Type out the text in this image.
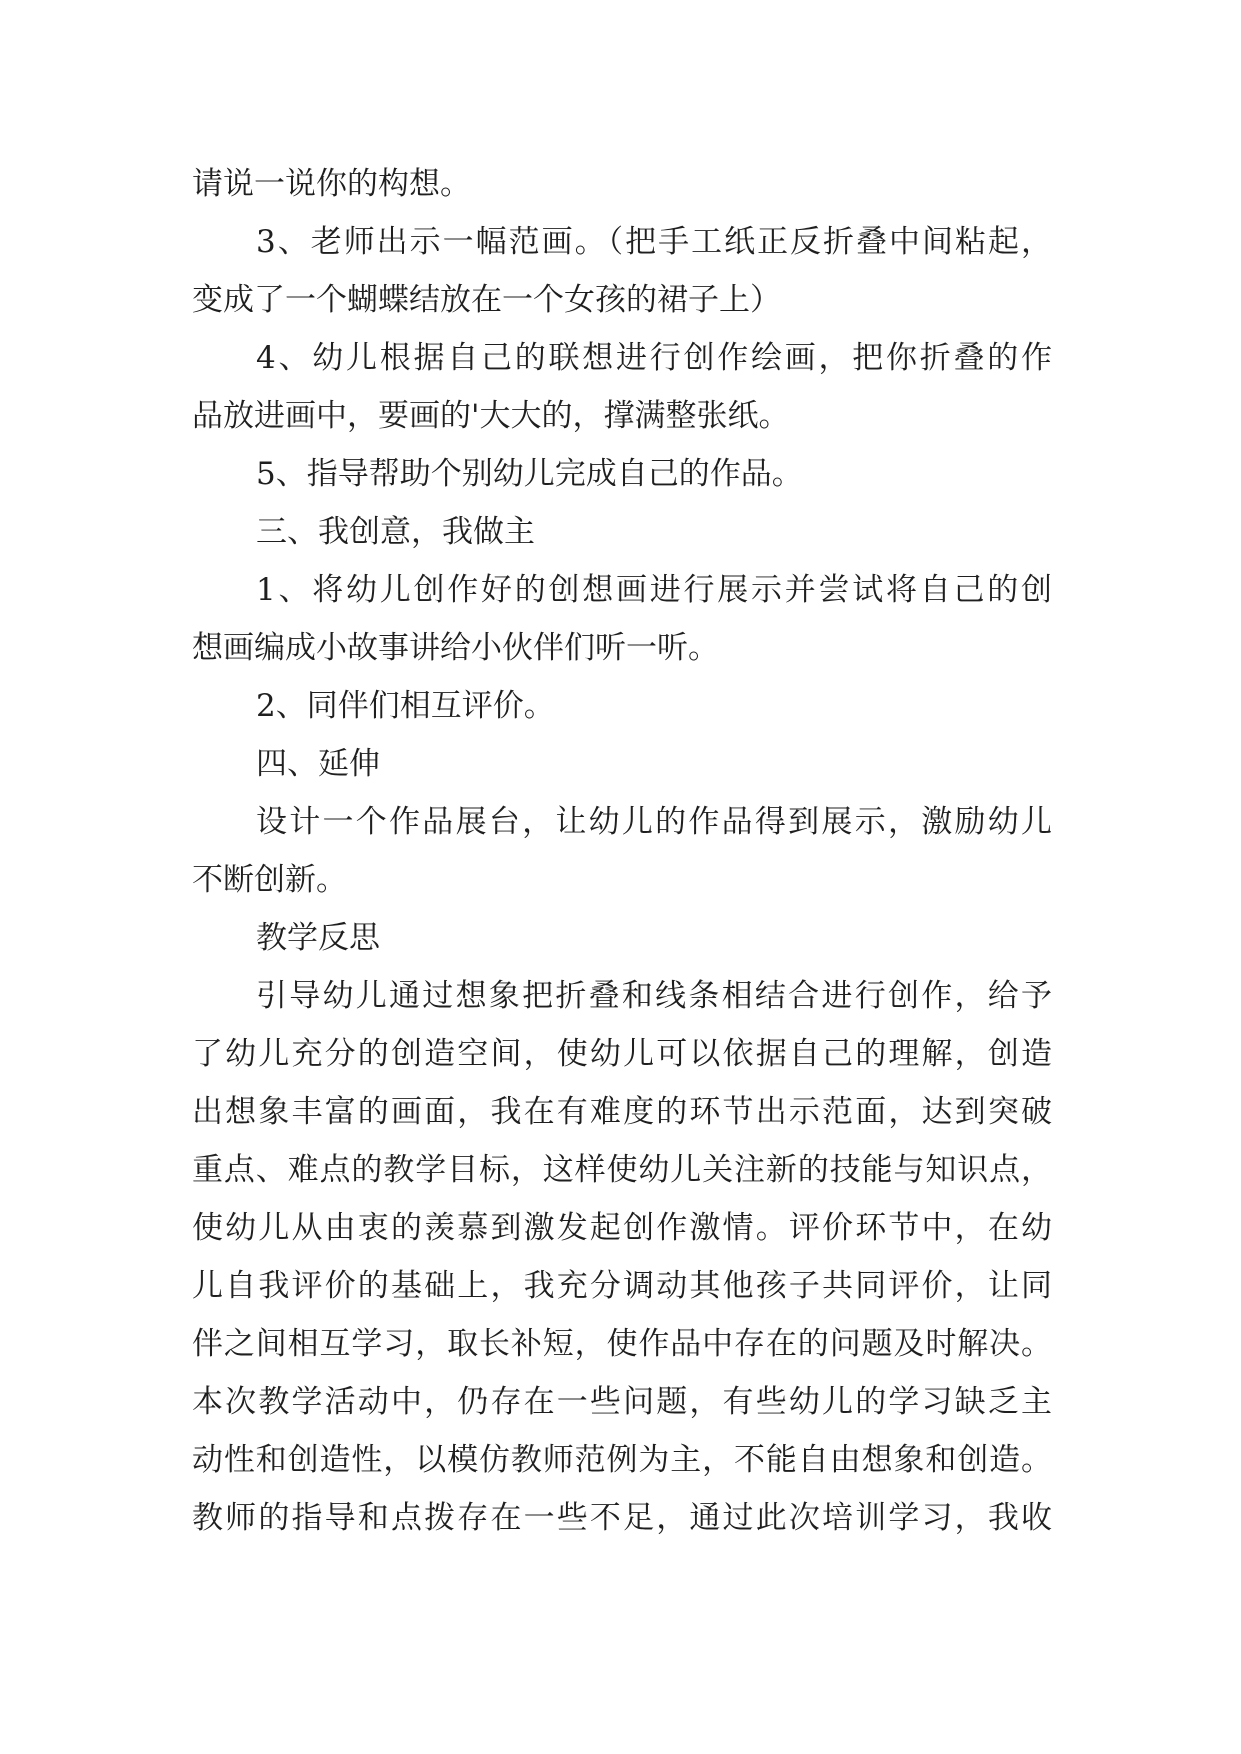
请说一说你的构想。
3、老师出示一幅范画。（把手工纸正反折叠中间粘起，
变成了一个蝴蝶结放在一个女孩的裙子上）
4、幼儿根据自己的联想进行创作绘画，把你折叠的作
品放进画中，要画的'大大的，撑满整张纸。
5、指导帮助个别幼儿完成自己的作品。
三、我创意，我做主
1、将幼儿创作好的创想画进行展示并尝试将自己的创
想画编成小故事讲给小伙伴们听一听。
2、同伴们相互评价。
四、延伸
设计一个作品展台，让幼儿的作品得到展示，激励幼儿
不断创新。
教学反思
引导幼儿通过想象把折叠和线条相结合进行创作，给予
了幼儿充分的创造空间，使幼儿可以依据自己的理解，创造
出想象丰富的画面，我在有难度的环节出示范面，达到突破
重点、难点的教学目标，这样使幼儿关注新的技能与知识点，
使幼儿从由衷的羡慕到激发起创作激情。评价环节中，在幼
儿自我评价的基础上，我充分调动其他孩子共同评价，让同
伴之间相互学习，取长补短，使作品中存在的问题及时解决。
本次教学活动中，仍存在一些问题，有些幼儿的学习缺乏主
动性和创造性，以模仿教师范例为主，不能自由想象和创造。
教师的指导和点拨存在一些不足，通过此次培训学习，我收
